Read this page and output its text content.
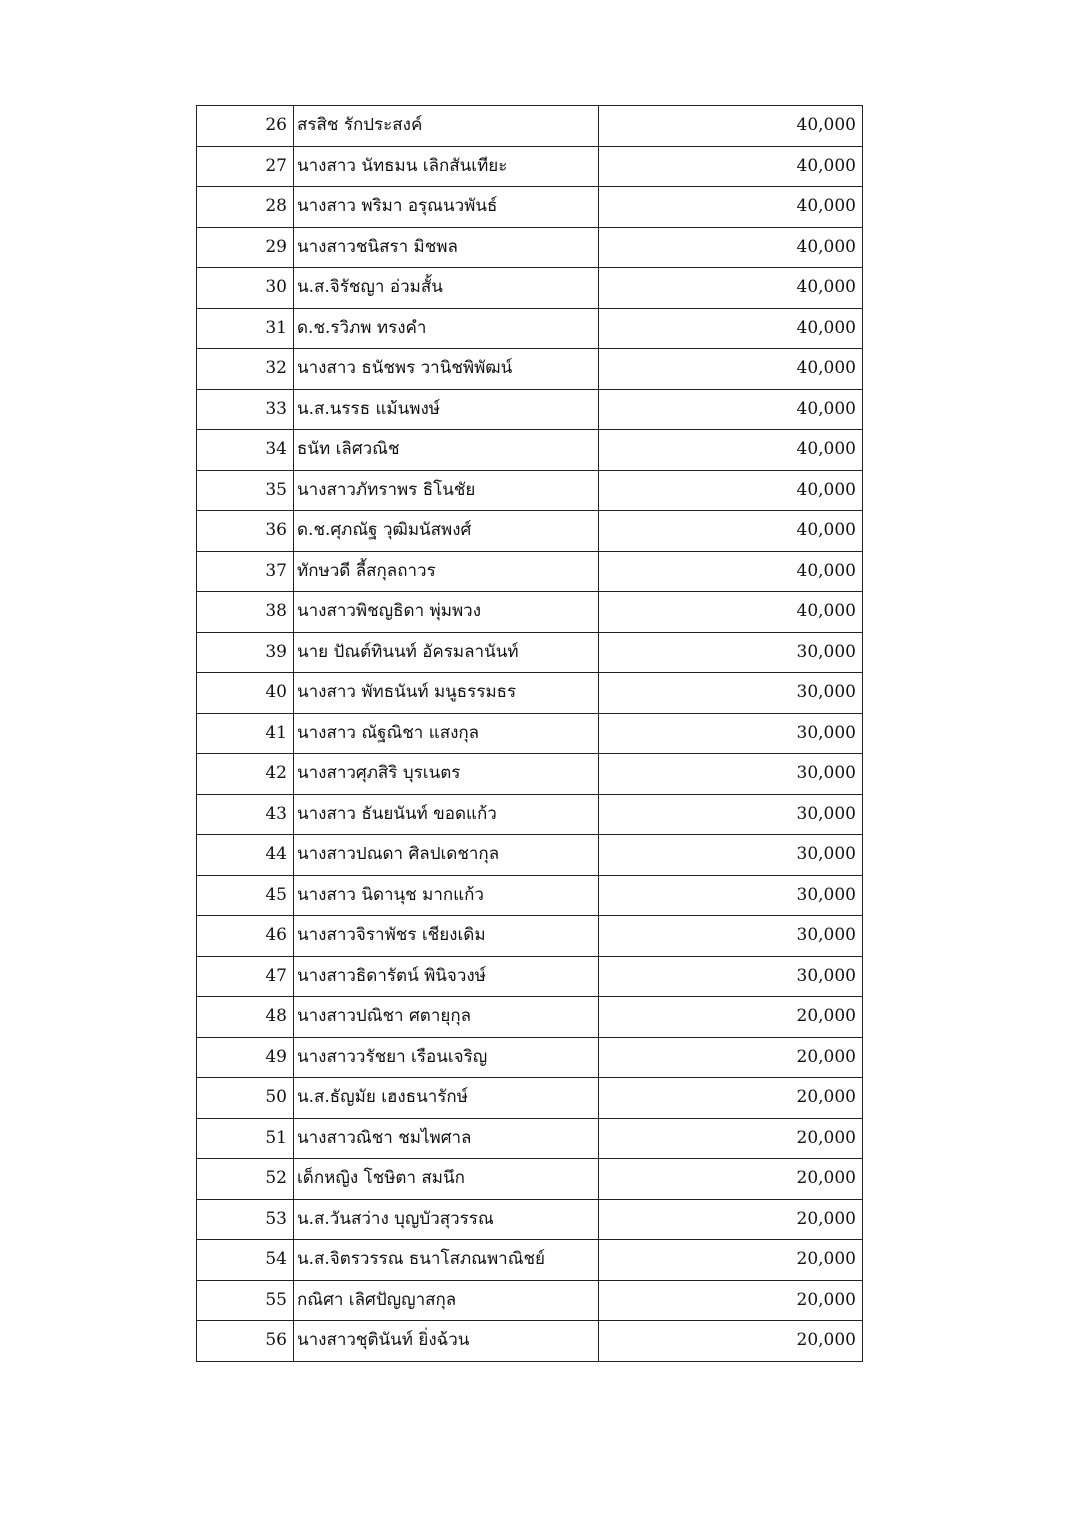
26	สรสิช รักประสงค์	40,000
27	นางสาว นัทธมน เลิกสันเทียะ	40,000
28	นางสาว พริมา อรุณนวพันธ์	40,000
29	นางสาวชนิสรา มิชพล	40,000
30	น.ส.จิรัชญา อ่วมสั้น	40,000
31	ด.ช.รวิภพ ทรงคำ	40,000
32	นางสาว ธนัชพร วานิชพิพัฒน์	40,000
33	น.ส.นรรธ แม้นพงษ์	40,000
34	ธนัท เลิศวณิช	40,000
35	นางสาวภัทราพร ธิโนชัย	40,000
36	ด.ช.ศุภณัฐ วุฒิมนัสพงศ์	40,000
37	ทักษวดี ลี้สกุลถาวร	40,000
38	นางสาวพิชญธิดา พุ่มพวง	40,000
39	นาย ปัณต์ทินนท์ อัครมลานันท์	30,000
40	นางสาว พัทธนันท์ มนูธรรมธร	30,000
41	นางสาว ณัฐณิชา แสงกุล	30,000
42	นางสาวศุภสิริ บุรเนตร	30,000
43	นางสาว ธันยนันท์ ขอดแก้ว	30,000
44	นางสาวปณดา ศิลปเดชากุล	30,000
45	นางสาว นิดานุช มากแก้ว	30,000
46	นางสาวจิราพัชร เชียงเดิม	30,000
47	นางสาวธิดารัตน์ พินิจวงษ์	30,000
48	นางสาวปณิชา ศตายุกุล	20,000
49	นางสาววรัชยา เรือนเจริญ	20,000
50	น.ส.ธัญมัย เฮงธนารักษ์	20,000
51	นางสาวณิชา ชมไพศาล	20,000
52	เด็กหญิง โชษิตา สมนึก	20,000
53	น.ส.วันสว่าง บุญบัวสุวรรณ	20,000
54	น.ส.จิตรวรรณ ธนาโสภณพาณิชย์	20,000
55	กณิศา เลิศปัญญาสกุล	20,000
56	นางสาวชุตินันท์ ยิ่งฉ้วน	20,000
